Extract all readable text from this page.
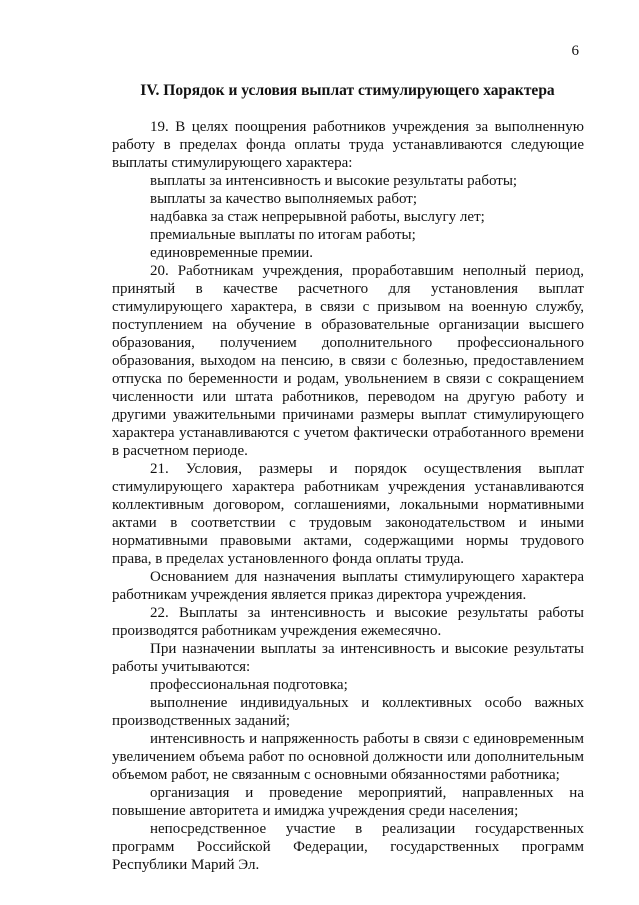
6
IV. Порядок и условия выплат стимулирующего характера
19. В целях поощрения работников учреждения за выполненную работу в пределах фонда оплаты труда устанавливаются следующие выплаты стимулирующего характера:
выплаты за интенсивность и высокие результаты работы;
выплаты за качество выполняемых работ;
надбавка за стаж непрерывной работы, выслугу лет;
премиальные выплаты по итогам работы;
единовременные премии.
20. Работникам учреждения, проработавшим неполный период, принятый в качестве расчетного для установления выплат стимулирующего характера, в связи с призывом на военную службу, поступлением на обучение в образовательные организации высшего образования, получением дополнительного профессионального образования, выходом на пенсию, в связи с болезнью, предоставлением отпуска по беременности и родам, увольнением в связи с сокращением численности или штата работников, переводом на другую работу и другими уважительными причинами размеры выплат стимулирующего характера устанавливаются с учетом фактически отработанного времени в расчетном периоде.
21. Условия, размеры и порядок осуществления выплат стимулирующего характера работникам учреждения устанавливаются коллективным договором, соглашениями, локальными нормативными актами в соответствии с трудовым законодательством и иными нормативными правовыми актами, содержащими нормы трудового права, в пределах установленного фонда оплаты труда.
Основанием для назначения выплаты стимулирующего характера работникам учреждения является приказ директора учреждения.
22. Выплаты за интенсивность и высокие результаты работы производятся работникам учреждения ежемесячно.
При назначении выплаты за интенсивность и высокие результаты работы учитываются:
профессиональная подготовка;
выполнение индивидуальных и коллективных особо важных производственных заданий;
интенсивность и напряженность работы в связи с единовременным увеличением объема работ по основной должности или дополнительным объемом работ, не связанным с основными обязанностями работника;
организация и проведение мероприятий, направленных на повышение авторитета и имиджа учреждения среди населения;
непосредственное участие в реализации государственных программ Российской Федерации, государственных программ Республики Марий Эл.
